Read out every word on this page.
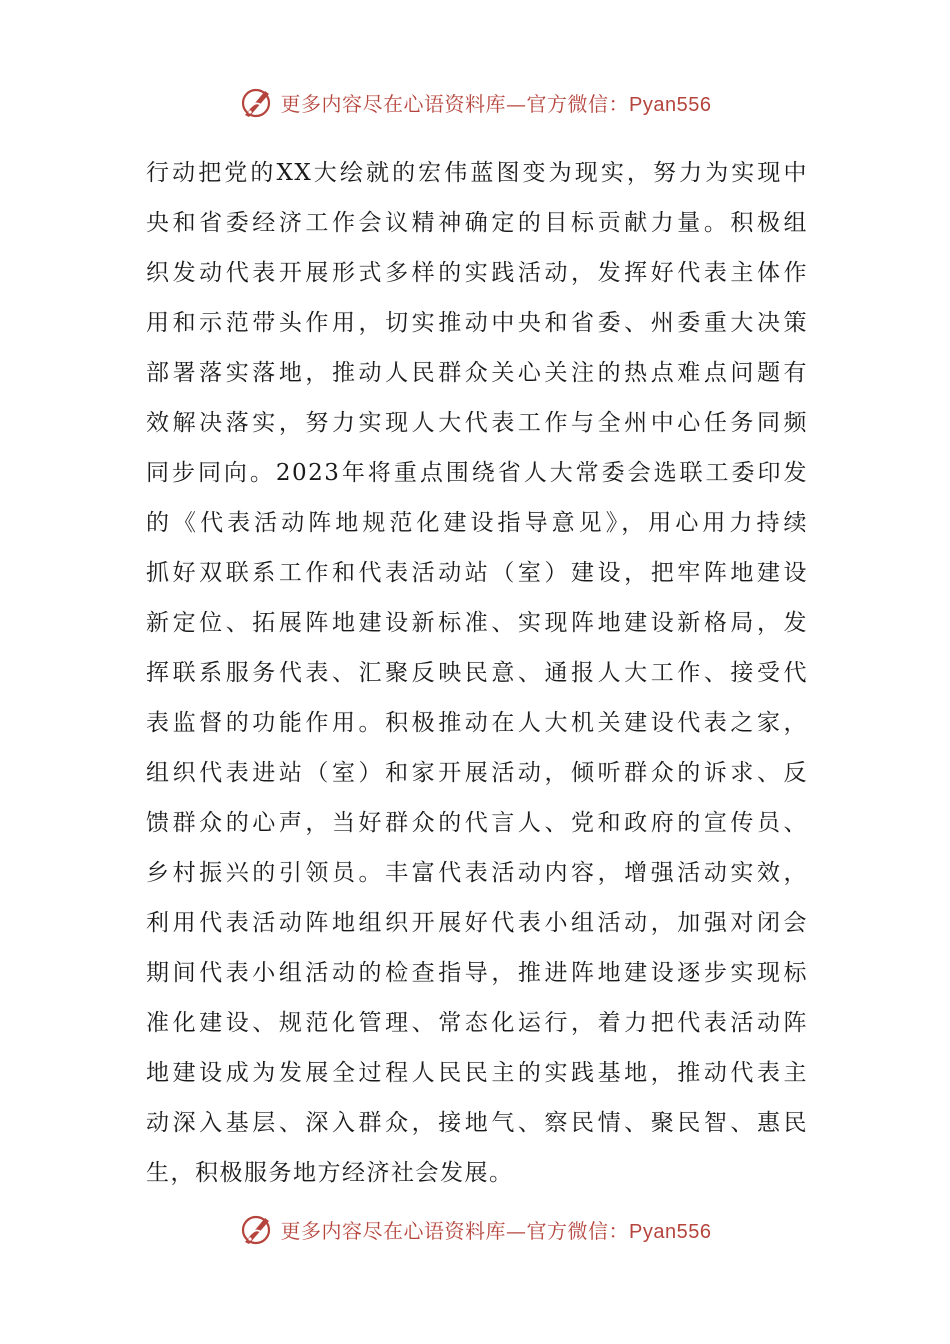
更多内容尽在心语资料库—官方微信：Pyan556
行动把党的XX大绘就的宏伟蓝图变为现实，努力为实现中
央和省委经济工作会议精神确定的目标贡献力量。积极组
织发动代表开展形式多样的实践活动，发挥好代表主体作
用和示范带头作用，切实推动中央和省委、州委重大决策
部署落实落地，推动人民群众关心关注的热点难点问题有
效解决落实，努力实现人大代表工作与全州中心任务同频
同步同向。2023年将重点围绕省人大常委会选联工委印发
的《代表活动阵地规范化建设指导意见》，用心用力持续
抓好双联系工作和代表活动站（室）建设，把牢阵地建设
新定位、拓展阵地建设新标准、实现阵地建设新格局，发
挥联系服务代表、汇聚反映民意、通报人大工作、接受代
表监督的功能作用。积极推动在人大机关建设代表之家，
组织代表进站（室）和家开展活动，倾听群众的诉求、反
馈群众的心声，当好群众的代言人、党和政府的宣传员、
乡村振兴的引领员。丰富代表活动内容，增强活动实效，
利用代表活动阵地组织开展好代表小组活动，加强对闭会
期间代表小组活动的检查指导，推进阵地建设逐步实现标
准化建设、规范化管理、常态化运行，着力把代表活动阵
地建设成为发展全过程人民民主的实践基地，推动代表主
动深入基层、深入群众，接地气、察民情、聚民智、惠民
生，积极服务地方经济社会发展。
更多内容尽在心语资料库—官方微信：Pyan556
